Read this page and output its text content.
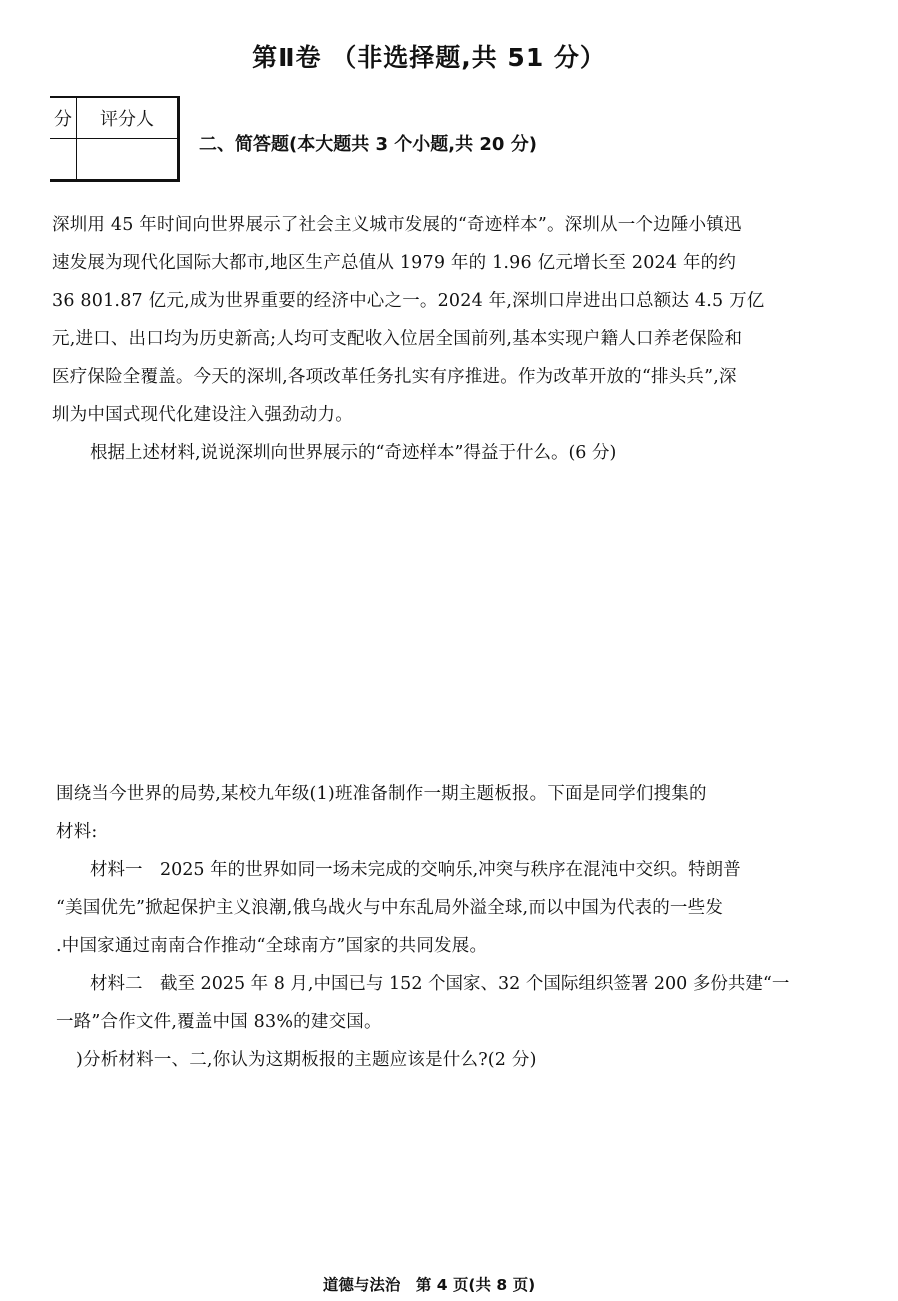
第Ⅱ卷 （非选择题,共 51 分）
分	评分人

二、简答题(本大题共 3 个小题,共 20 分)
深圳用 45 年时间向世界展示了社会主义城市发展的“奇迹样本”。深圳从一个边陲小镇迅
速发展为现代化国际大都市,地区生产总值从 1979 年的 1.96 亿元增长至 2024 年的约
36 801.87 亿元,成为世界重要的经济中心之一。2024 年,深圳口岸进出口总额达 4.5 万亿
元,进口、出口均为历史新高;人均可支配收入位居全国前列,基本实现户籍人口养老保险和
医疗保险全覆盖。今天的深圳,各项改革任务扎实有序推进。作为改革开放的“排头兵”,深
圳为中国式现代化建设注入强劲动力。
根据上述材料,说说深圳向世界展示的“奇迹样本”得益于什么。(6 分)
围绕当今世界的局势,某校九年级(1)班准备制作一期主题板报。下面是同学们搜集的
材料:
材料一　2025 年的世界如同一场未完成的交响乐,冲突与秩序在混沌中交织。特朗普
“美国优先”掀起保护主义浪潮,俄乌战火与中东乱局外溢全球,而以中国为代表的一些发
.中国家通过南南合作推动“全球南方”国家的共同发展。
材料二　截至 2025 年 8 月,中国已与 152 个国家、32 个国际组织签署 200 多份共建“一
一路”合作文件,覆盖中国 83%的建交国。
)分析材料一、二,你认为这期板报的主题应该是什么?(2 分)
道德与法治　第 4 页(共 8 页)
